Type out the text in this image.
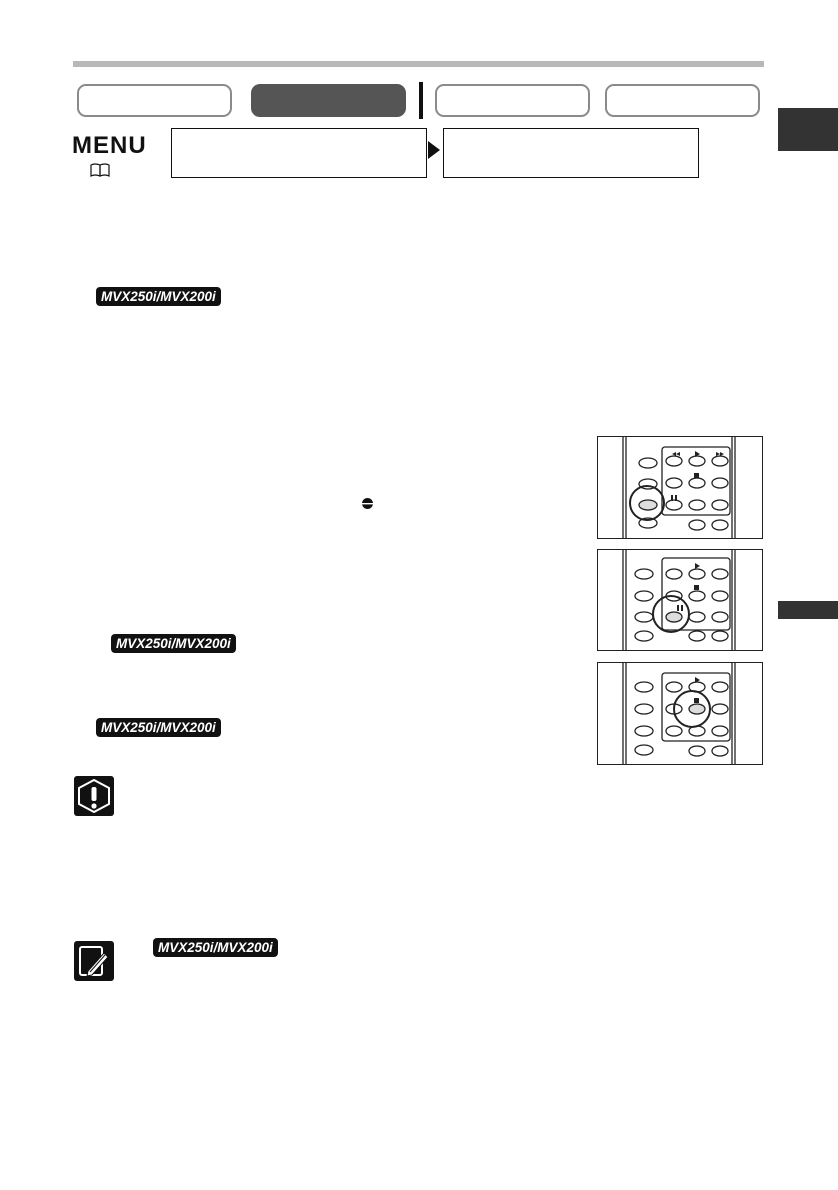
MENU
MVX250i/MVX200i
MVX250i/MVX200i
MVX250i/MVX200i
MVX250i/MVX200i
